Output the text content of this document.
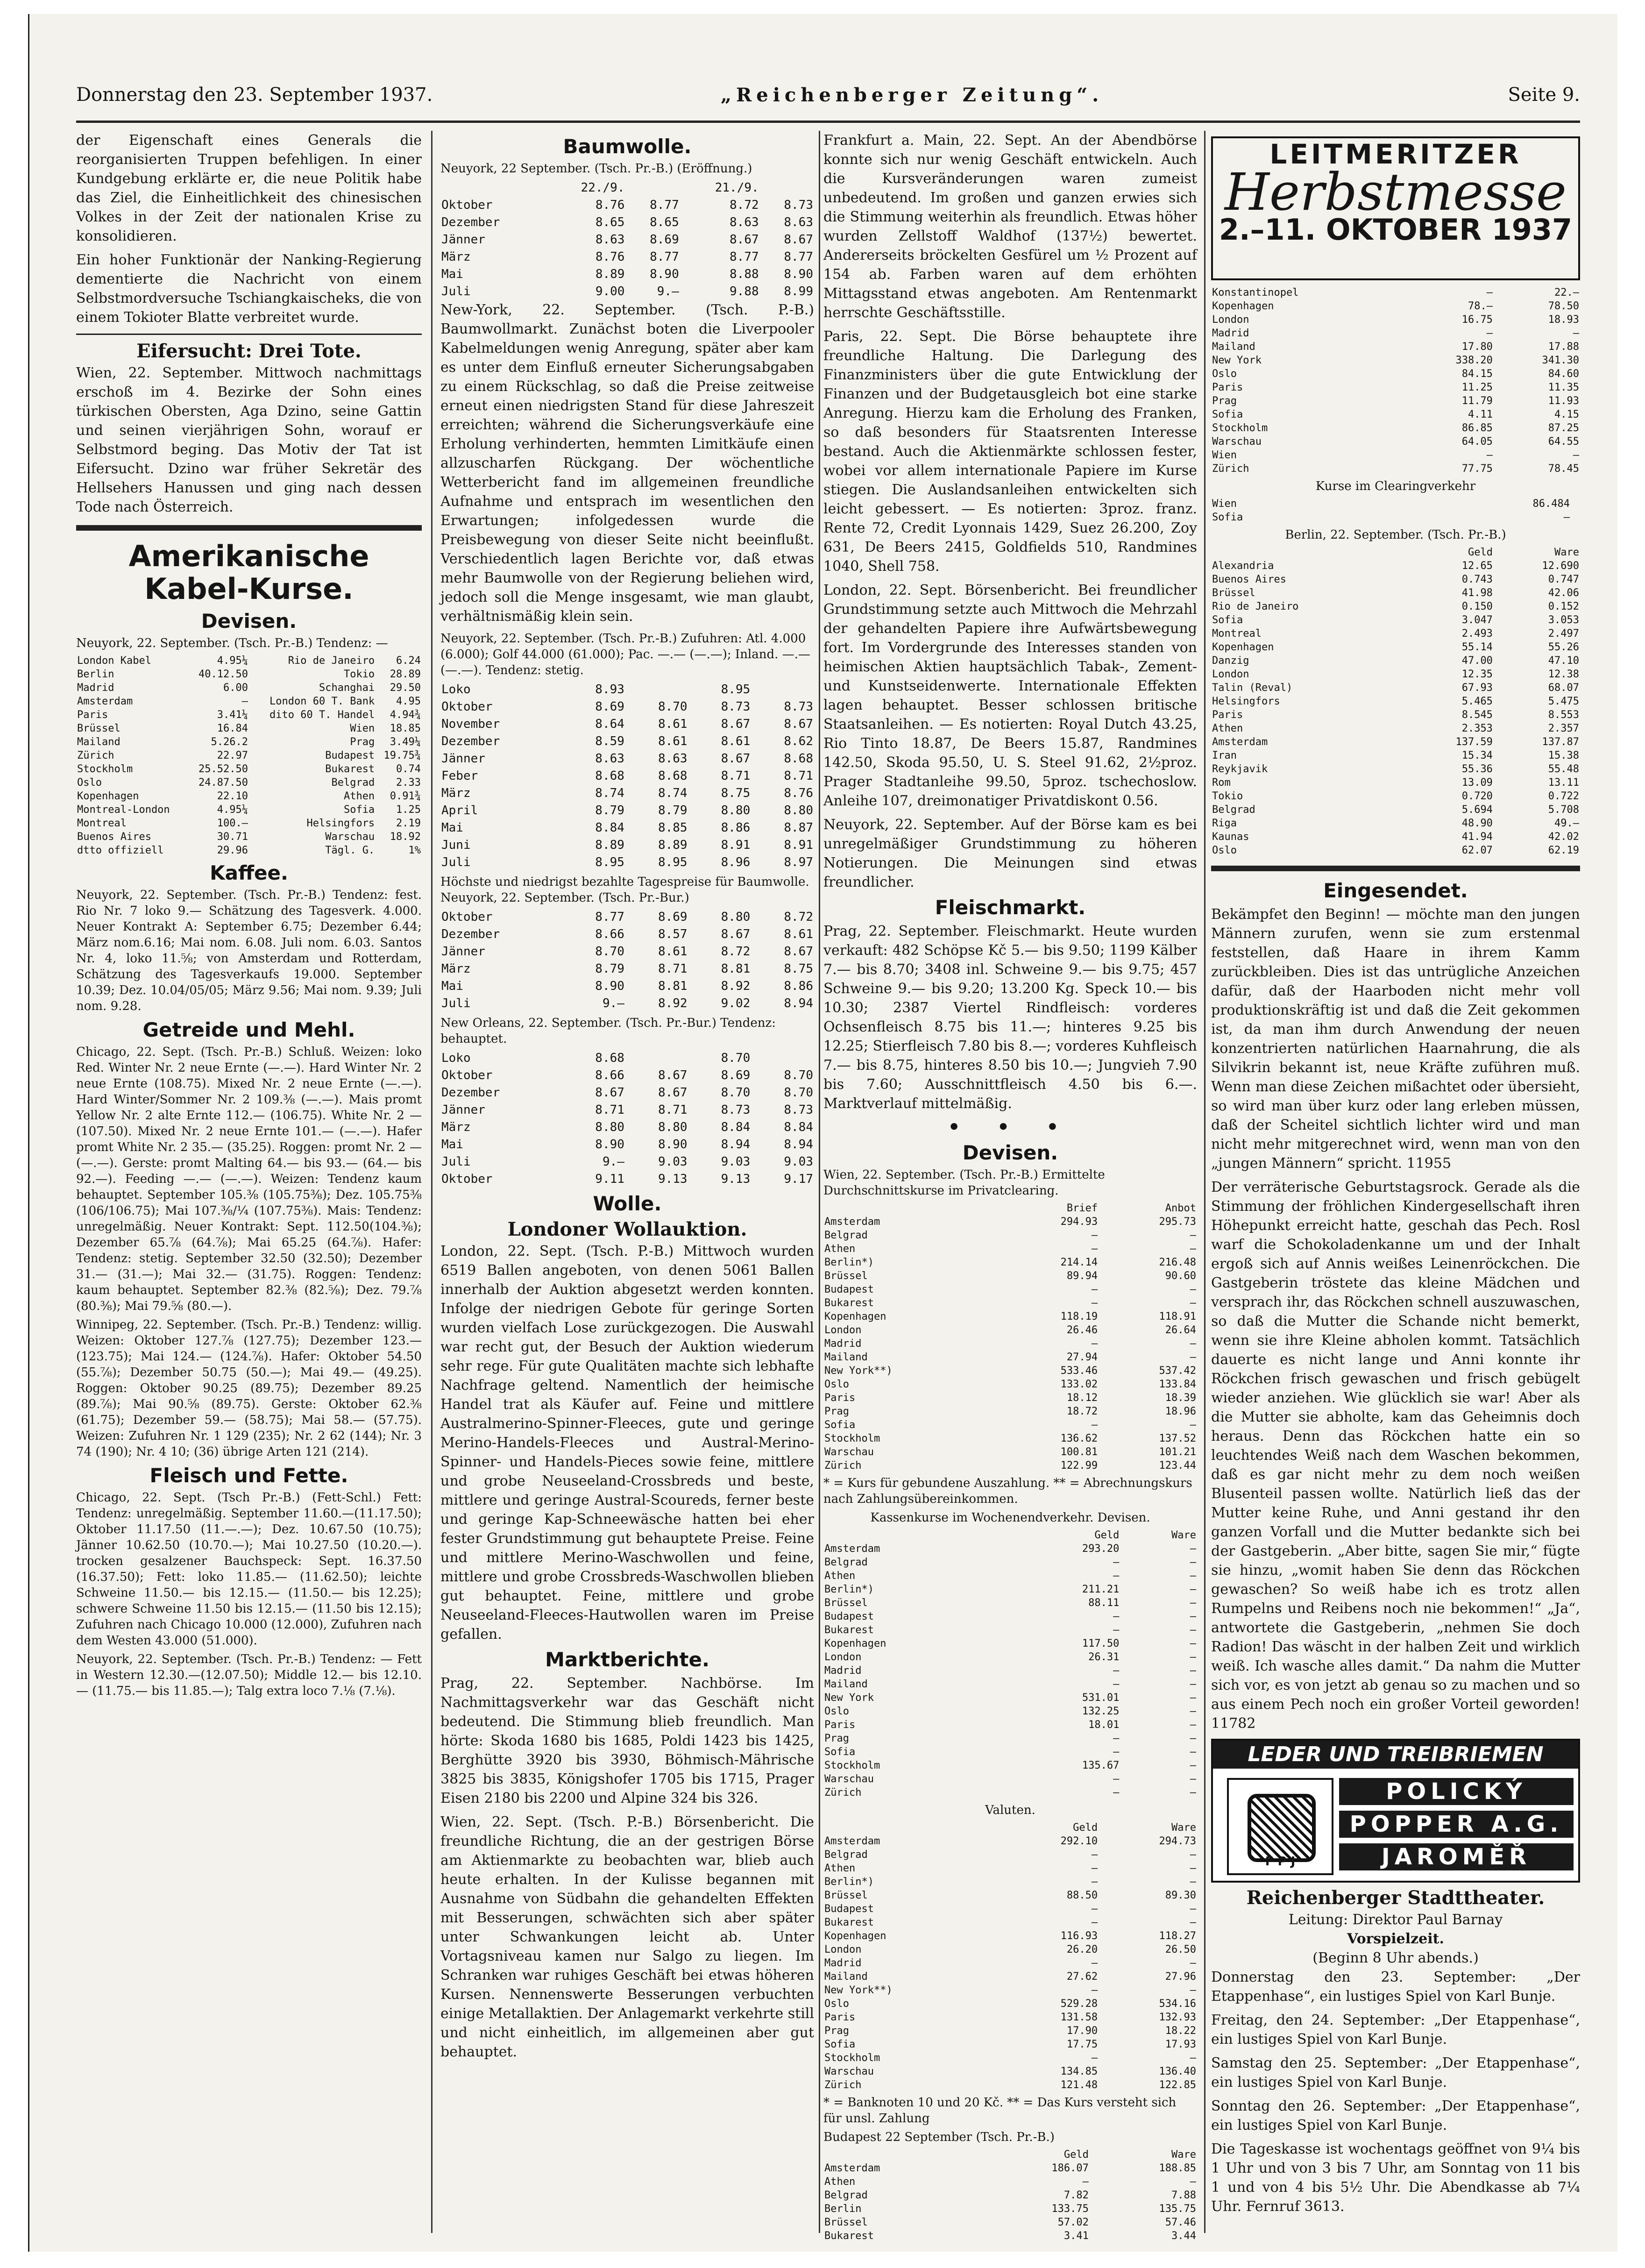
Donnerstag den 23. September 1937.	„Reichenberger Zeitung“.	Seite 9.

der Eigenschaft eines Generals die reorganisierten Truppen befehligen. In einer Kundgebung erklärte er, die neue Politik habe das Ziel, die Einheitlichkeit des chinesischen Volkes in der Zeit der nationalen Krise zu konsolidieren.

Ein hoher Funktionär der Nanking-Regierung dementierte die Nachricht von einem Selbstmordversuche Tschiangkaischeks, die von einem Tokioter Blatte verbreitet wurde.

Eifersucht: Drei Tote.

Wien, 22. September. Mittwoch nachmittags erschoß im 4. Bezirke der Sohn eines türkischen Obersten, Aga Dzino, seine Gattin und seinen vierjährigen Sohn, worauf er Selbstmord beging. Das Motiv der Tat ist Eifersucht. Dzino war früher Sekretär des Hellsehers Hanussen und ging nach dessen Tode nach Österreich.

Amerikanische Kabel-Kurse.
Devisen.
Neuyork, 22. September. (Tsch. Pr.-B.) Tendenz: —
London Kabel	4.95¼	Rio de Janeiro	6.24
Berlin	40.12.50	Tokio	28.89
Madrid	6.00	Schanghai	29.50
Amsterdam	—	London 60 T. Bank	4.95
Paris	3.41¼	dito 60 T. Handel	4.94¾
Brüssel	16.84	Wien	18.85
Mailand	5.26.2	Prag	3.49¼
Zürich	22.97	Budapest	19.75¾
Stockholm	25.52.50	Bukarest	0.74
Oslo	24.87.50	Belgrad	2.33
Kopenhagen	22.10	Athen	0.91¾
Montreal-London	4.95¼	Sofia	1.25
Montreal	100.—	Helsingfors	2.19
Buenos Aires	30.71	Warschau	18.92
dtto offiziell	29.96	Tägl. G.	1%
Kaffee.

Neuyork, 22. September. (Tsch. Pr.-B.) Tendenz: fest. Rio Nr. 7 loko 9.— Schätzung des Tagesverk. 4.000. Neuer Kontrakt A: September 6.75; Dezember 6.44; März nom.6.16; Mai nom. 6.08. Juli nom. 6.03. Santos Nr. 4, loko 11.⅝; von Amsterdam und Rotterdam, Schätzung des Tagesverkaufs 19.000. September 10.39; Dez. 10.04/05/05; März 9.56; Mai nom. 9.39; Juli nom. 9.28.

Getreide und Mehl.

Chicago, 22. Sept. (Tsch. Pr.-B.) Schluß. Weizen: loko Red. Winter Nr. 2 neue Ernte (—.—). Hard Winter Nr. 2 neue Ernte (108.75). Mixed Nr. 2 neue Ernte (—.—). Hard Winter/Sommer Nr. 2 109.⅜ (—.—). Mais promt Yellow Nr. 2 alte Ernte 112.— (106.75). White Nr. 2 — (107.50). Mixed Nr. 2 neue Ernte 101.— (—.—). Hafer promt White Nr. 2 35.— (35.25). Roggen: promt Nr. 2 — (—.—). Gerste: promt Malting 64.— bis 93.— (64.— bis 92.—). Feeding —.— (—.—). Weizen: Tendenz kaum behauptet. September 105.⅜ (105.75⅜); Dez. 105.75⅜ (106/106.75); Mai 107.⅜/¼ (107.75⅜). Mais: Tendenz: unregelmäßig. Neuer Kontrakt: Sept. 112.50(104.⅜); Dezember 65.⅞ (64.⅞); Mai 65.25 (64.⅞). Hafer: Tendenz: stetig. September 32.50 (32.50); Dezember 31.— (31.—); Mai 32.— (31.75). Roggen: Tendenz: kaum behauptet. September 82.⅜ (82.⅝); Dez. 79.⅞ (80.⅜); Mai 79.⅝ (80.—).

Winnipeg, 22. September. (Tsch. Pr.-B.) Tendenz: willig. Weizen: Oktober 127.⅞ (127.75); Dezember 123.— (123.75); Mai 124.— (124.⅞). Hafer: Oktober 54.50 (55.⅞); Dezember 50.75 (50.—); Mai 49.— (49.25). Roggen: Oktober 90.25 (89.75); Dezember 89.25 (89.⅞); Mai 90.⅝ (89.75). Gerste: Oktober 62.⅜ (61.75); Dezember 59.— (58.75); Mai 58.— (57.75). Weizen: Zufuhren Nr. 1 129 (235); Nr. 2 62 (144); Nr. 3 74 (190); Nr. 4 10; (36) übrige Arten 121 (214).

Fleisch und Fette.

Chicago, 22. Sept. (Tsch Pr.-B.) (Fett-Schl.) Fett: Tendenz: unregelmäßig. September 11.60.—(11.17.50); Oktober 11.17.50 (11.—.—); Dez. 10.67.50 (10.75); Jänner 10.62.50 (10.70.—); Mai 10.27.50 (10.20.—). trocken gesalzener Bauchspeck: Sept. 16.37.50 (16.37.50); Fett: loko 11.85.— (11.62.50); leichte Schweine 11.50.— bis 12.15.— (11.50.— bis 12.25); schwere Schweine 11.50 bis 12.15.— (11.50 bis 12.15); Zufuhren nach Chicago 10.000 (12.000), Zufuhren nach dem Westen 43.000 (51.000).

Neuyork, 22. September. (Tsch. Pr.-B.) Tendenz: — Fett in Western 12.30.—(12.07.50); Middle 12.— bis 12.10.— (11.75.— bis 11.85.—); Talg extra loco 7.⅛ (7.⅛).

Baumwolle.
Neuyork, 22 September. (Tsch. Pr.-B.) (Eröffnung.)
	22./9.		21./9.	
Oktober	8.76	8.77	8.72	8.73
Dezember	8.65	8.65	8.63	8.63
Jänner	8.63	8.69	8.67	8.67
März	8.76	8.77	8.77	8.77
Mai	8.89	8.90	8.88	8.90
Juli	9.00	9.—	9.88	8.99

New-York, 22. September. (Tsch. P.-B.) Baumwollmarkt. Zunächst boten die Liverpooler Kabelmeldungen wenig Anregung, später aber kam es unter dem Einfluß erneuter Sicherungsabgaben zu einem Rückschlag, so daß die Preise zeitweise erneut einen niedrigsten Stand für diese Jahreszeit erreichten; während die Sicherungsverkäufe eine Erholung verhinderten, hemmten Limitkäufe einen allzuscharfen Rückgang. Der wöchentliche Wetterbericht fand im allgemeinen freundliche Aufnahme und entsprach im wesentlichen den Erwartungen; infolgedessen wurde die Preisbewegung von dieser Seite nicht beeinflußt. Verschiedentlich lagen Berichte vor, daß etwas mehr Baumwolle von der Regierung beliehen wird, jedoch soll die Menge insgesamt, wie man glaubt, verhältnismäßig klein sein.

Neuyork, 22. September. (Tsch. Pr.-B.) Zufuhren: Atl. 4.000 (6.000); Golf 44.000 (61.000); Pac. —.— (—.—); Inland. —.— (—.—). Tendenz: stetig.
Loko	8.93		8.95	
Oktober	8.69	8.70	8.73	8.73
November	8.64	8.61	8.67	8.67
Dezember	8.59	8.61	8.61	8.62
Jänner	8.63	8.63	8.67	8.68
Feber	8.68	8.68	8.71	8.71
März	8.74	8.74	8.75	8.76
April	8.79	8.79	8.80	8.80
Mai	8.84	8.85	8.86	8.87
Juni	8.89	8.89	8.91	8.91
Juli	8.95	8.95	8.96	8.97
Höchste und niedrigst bezahlte Tagespreise für Baumwolle. Neuyork, 22. September. (Tsch. Pr.-Bur.)
Oktober	8.77	8.69	8.80	8.72
Dezember	8.66	8.57	8.67	8.61
Jänner	8.70	8.61	8.72	8.67
März	8.79	8.71	8.81	8.75
Mai	8.90	8.81	8.92	8.86
Juli	9.—	8.92	9.02	8.94
New Orleans, 22. September. (Tsch. Pr.-Bur.) Tendenz: behauptet.
Loko	8.68		8.70	
Oktober	8.66	8.67	8.69	8.70
Dezember	8.67	8.67	8.70	8.70
Jänner	8.71	8.71	8.73	8.73
März	8.80	8.80	8.84	8.84
Mai	8.90	8.90	8.94	8.94
Juli	9.—	9.03	9.03	9.03
Oktober	9.11	9.13	9.13	9.17
Wolle.
Londoner Wollauktion.

London, 22. Sept. (Tsch. P.-B.) Mittwoch wurden 6519 Ballen angeboten, von denen 5061 Ballen innerhalb der Auktion abgesetzt werden konnten. Infolge der niedrigen Gebote für geringe Sorten wurden vielfach Lose zurückgezogen. Die Auswahl war recht gut, der Besuch der Auktion wiederum sehr rege. Für gute Qualitäten machte sich lebhafte Nachfrage geltend. Namentlich der heimische Handel trat als Käufer auf. Feine und mittlere Australmerino-Spinner-Fleeces, gute und geringe Merino-Handels-Fleeces und Austral-Merino-Spinner- und Handels-Pieces sowie feine, mittlere und grobe Neuseeland-Crossbreds und beste, mittlere und geringe Austral-Scoureds, ferner beste und geringe Kap-Schneewäsche hatten bei eher fester Grundstimmung gut behauptete Preise. Feine und mittlere Merino-Waschwollen und feine, mittlere und grobe Crossbreds-Waschwollen blieben gut behauptet. Feine, mittlere und grobe Neuseeland-Fleeces-Hautwollen waren im Preise gefallen.

Marktberichte.

Prag, 22. September. Nachbörse. Im Nachmittagsverkehr war das Geschäft nicht bedeutend. Die Stimmung blieb freundlich. Man hörte: Skoda 1680 bis 1685, Poldi 1423 bis 1425, Berghütte 3920 bis 3930, Böhmisch-Mährische 3825 bis 3835, Königshofer 1705 bis 1715, Prager Eisen 2180 bis 2200 und Alpine 324 bis 326.

Wien, 22. Sept. (Tsch. P.-B.) Börsenbericht. Die freundliche Richtung, die an der gestrigen Börse am Aktienmarkte zu beobachten war, blieb auch heute erhalten. In der Kulisse begannen mit Ausnahme von Südbahn die gehandelten Effekten mit Besserungen, schwächten sich aber später unter Schwankungen leicht ab. Unter Vortagsniveau kamen nur Salgo zu liegen. Im Schranken war ruhiges Geschäft bei etwas höheren Kursen. Nennenswerte Besserungen verbuchten einige Metallaktien. Der Anlagemarkt verkehrte still und nicht einheitlich, im allgemeinen aber gut behauptet.

Frankfurt a. Main, 22. Sept. An der Abendbörse konnte sich nur wenig Geschäft entwickeln. Auch die Kursveränderungen waren zumeist unbedeutend. Im großen und ganzen erwies sich die Stimmung weiterhin als freundlich. Etwas höher wurden Zellstoff Waldhof (137½) bewertet. Andererseits bröckelten Gesfürel um ½ Prozent auf 154 ab. Farben waren auf dem erhöhten Mittagsstand etwas angeboten. Am Rentenmarkt herrschte Geschäftsstille.

Paris, 22. Sept. Die Börse behauptete ihre freundliche Haltung. Die Darlegung des Finanzministers über die gute Entwicklung der Finanzen und der Budgetausgleich bot eine starke Anregung. Hierzu kam die Erholung des Franken, so daß besonders für Staatsrenten Interesse bestand. Auch die Aktienmärkte schlossen fester, wobei vor allem internationale Papiere im Kurse stiegen. Die Auslandsanleihen entwickelten sich leicht gebessert. — Es notierten: 3proz. franz. Rente 72, Credit Lyonnais 1429, Suez 26.200, Zoy 631, De Beers 2415, Goldfields 510, Randmines 1040, Shell 758.

London, 22. Sept. Börsenbericht. Bei freundlicher Grundstimmung setzte auch Mittwoch die Mehrzahl der gehandelten Papiere ihre Aufwärtsbewegung fort. Im Vordergrunde des Interesses standen von heimischen Aktien hauptsächlich Tabak-, Zement- und Kunstseidenwerte. Internationale Effekten lagen behauptet. Besser schlossen britische Staatsanleihen. — Es notierten: Royal Dutch 43.25, Rio Tinto 18.87, De Beers 15.87, Randmines 142.50, Skoda 95.50, U. S. Steel 91.62, 2½proz. Prager Stadtanleihe 99.50, 5proz. tschechoslow. Anleihe 107, dreimonatiger Privatdiskont 0.56.

Neuyork, 22. September. Auf der Börse kam es bei unregelmäßiger Grundstimmung zu höheren Notierungen. Die Meinungen sind etwas freundlicher.

Fleischmarkt.

Prag, 22. September. Fleischmarkt. Heute wurden verkauft: 482 Schöpse Kč 5.— bis 9.50; 1199 Kälber 7.— bis 8.70; 3408 inl. Schweine 9.— bis 9.75; 457 Schweine 9.— bis 9.20; 13.200 Kg. Speck 10.— bis 10.30; 2387 Viertel Rindfleisch: vorderes Ochsenfleisch 8.75 bis 11.—; hinteres 9.25 bis 12.25; Stierfleisch 7.80 bis 8.—; vorderes Kuhfleisch 7.— bis 8.75, hinteres 8.50 bis 10.—; Jungvieh 7.90 bis 7.60; Ausschnittfleisch 4.50 bis 6.—. Marktverlauf mittelmäßig.

• • •
Devisen.
Wien, 22. September. (Tsch. Pr.-B.) Ermittelte Durchschnittskurse im Privatclearing.
	Brief	Anbot
Amsterdam	294.93	295.73
Belgrad	—	—
Athen	—	—
Berlin*)	214.14	216.48
Brüssel	89.94	90.60
Budapest	—	—
Bukarest	—	—
Kopenhagen	118.19	118.91
London	26.46	26.64
Madrid	—	—
Mailand	27.94	—
New York**)	533.46	537.42
Oslo	133.02	133.84
Paris	18.12	18.39
Prag	18.72	18.96
Sofia	—	—
Stockholm	136.62	137.52
Warschau	100.81	101.21
Zürich	122.99	123.44
* = Kurs für gebundene Auszahlung. ** = Abrechnungskurs nach Zahlungsübereinkommen.
Kassenkurse im Wochenendverkehr. Devisen.
	Geld	Ware
Amsterdam	293.20	—
Belgrad	—	—
Athen	—	—
Berlin*)	211.21	—
Brüssel	88.11	—
Budapest	—	—
Bukarest	—	—
Kopenhagen	117.50	—
London	26.31	—
Madrid	—	—
Mailand	—	—
New York	531.01	—
Oslo	132.25	—
Paris	18.01	—
Prag	—	—
Sofia	—	—
Stockholm	135.67	—
Warschau	—	—
Zürich	—	—
Valuten.
	Geld	Ware
Amsterdam	292.10	294.73
Belgrad	—	—
Athen	—	—
Berlin*)	—	—
Brüssel	88.50	89.30
Budapest	—	—
Bukarest	—	—
Kopenhagen	116.93	118.27
London	26.20	26.50
Madrid	—	—
Mailand	27.62	27.96
New York**)	—	—
Oslo	529.28	534.16
Paris	131.58	132.93
Prag	17.90	18.22
Sofia	17.75	17.93
Stockholm	—	—
Warschau	134.85	136.40
Zürich	121.48	122.85
* = Banknoten 10 und 20 Kč. ** = Das Kurs versteht sich für unsl. Zahlung
Budapest 22 September (Tsch. Pr.-B.)
	Geld	Ware
Amsterdam	186.07	188.85
Athen	—	—
Belgrad	7.82	7.88
Berlin	133.75	135.75
Brüssel	57.02	57.46
Bukarest	3.41	3.44
LEITMERITZER
Herbstmesse
2.–11. OKTOBER 1937
Konstantinopel	—	22.—
Kopenhagen	78.—	78.50
London	16.75	18.93
Madrid	—	—
Mailand	17.80	17.88
New York	338.20	341.30
Oslo	84.15	84.60
Paris	11.25	11.35
Prag	11.79	11.93
Sofia	4.11	4.15
Stockholm	86.85	87.25
Warschau	64.05	64.55
Wien	—	—
Zürich	77.75	78.45
Kurse im Clearingverkehr
Wien	86.484	
Sofia	—	
Berlin, 22. September. (Tsch. Pr.-B.)
	Geld	Ware
Alexandria	12.65	12.690
Buenos Aires	0.743	0.747
Brüssel	41.98	42.06
Rio de Janeiro	0.150	0.152
Sofia	3.047	3.053
Montreal	2.493	2.497
Kopenhagen	55.14	55.26
Danzig	47.00	47.10
London	12.35	12.38
Talin (Reval)	67.93	68.07
Helsingfors	5.465	5.475
Paris	8.545	8.553
Athen	2.353	2.357
Amsterdam	137.59	137.87
Iran	15.34	15.38
Reykjavik	55.36	55.48
Rom	13.09	13.11
Tokio	0.720	0.722
Belgrad	5.694	5.708
Riga	48.90	49.—
Kaunas	41.94	42.02
Oslo	62.07	62.19
Eingesendet.

Bekämpfet den Beginn! — möchte man den jungen Männern zurufen, wenn sie zum erstenmal feststellen, daß Haare in ihrem Kamm zurückbleiben. Dies ist das untrügliche Anzeichen dafür, daß der Haarboden nicht mehr voll produktionskräftig ist und daß die Zeit gekommen ist, da man ihm durch Anwendung der neuen konzentrierten natürlichen Haarnahrung, die als Silvikrin bekannt ist, neue Kräfte zuführen muß. Wenn man diese Zeichen mißachtet oder übersieht, so wird man über kurz oder lang erleben müssen, daß der Scheitel sichtlich lichter wird und man nicht mehr mitgerechnet wird, wenn man von den „jungen Männern“ spricht. 11955

Der verräterische Geburtstagsrock. Gerade als die Stimmung der fröhlichen Kindergesellschaft ihren Höhepunkt erreicht hatte, geschah das Pech. Rosl warf die Schokoladenkanne um und der Inhalt ergoß sich auf Annis weißes Leinenröckchen. Die Gastgeberin tröstete das kleine Mädchen und versprach ihr, das Röckchen schnell auszuwaschen, so daß die Mutter die Schande nicht bemerkt, wenn sie ihre Kleine abholen kommt. Tatsächlich dauerte es nicht lange und Anni konnte ihr Röckchen frisch gewaschen und frisch gebügelt wieder anziehen. Wie glücklich sie war! Aber als die Mutter sie abholte, kam das Geheimnis doch heraus. Denn das Röckchen hatte ein so leuchtendes Weiß nach dem Waschen bekommen, daß es gar nicht mehr zu dem noch weißen Blusenteil passen wollte. Natürlich ließ das der Mutter keine Ruhe, und Anni gestand ihr den ganzen Vorfall und die Mutter bedankte sich bei der Gastgeberin. „Aber bitte, sagen Sie mir,“ fügte sie hinzu, „womit haben Sie denn das Röckchen gewaschen? So weiß habe ich es trotz allen Rumpelns und Reibens noch nie bekommen!“ „Ja“, antwortete die Gastgeberin, „nehmen Sie doch Radion! Das wäscht in der halben Zeit und wirklich weiß. Ich wasche alles damit.“ Da nahm die Mutter sich vor, es von jetzt ab genau so zu machen und so aus einem Pech noch ein großer Vorteil geworden! 11782

LEDER UND TREIBRIEMEN
F P J
POLICKÝ
POPPER A.G.
JAROMĚŘ
Reichenberger Stadttheater.
Leitung: Direktor Paul Barnay
Vorspielzeit.
(Beginn 8 Uhr abends.)

Donnerstag den 23. September: „Der Etappenhase“, ein lustiges Spiel von Karl Bunje.

Freitag, den 24. September: „Der Etappenhase“, ein lustiges Spiel von Karl Bunje.

Samstag den 25. September: „Der Etappenhase“, ein lustiges Spiel von Karl Bunje.

Sonntag den 26. September: „Der Etappenhase“, ein lustiges Spiel von Karl Bunje.

Die Tageskasse ist wochentags geöffnet von 9¼ bis 1 Uhr und von 3 bis 7 Uhr, am Sonntag von 11 bis 1 und von 4 bis 5½ Uhr. Die Abendkasse ab 7¼ Uhr. Fernruf 3613.
